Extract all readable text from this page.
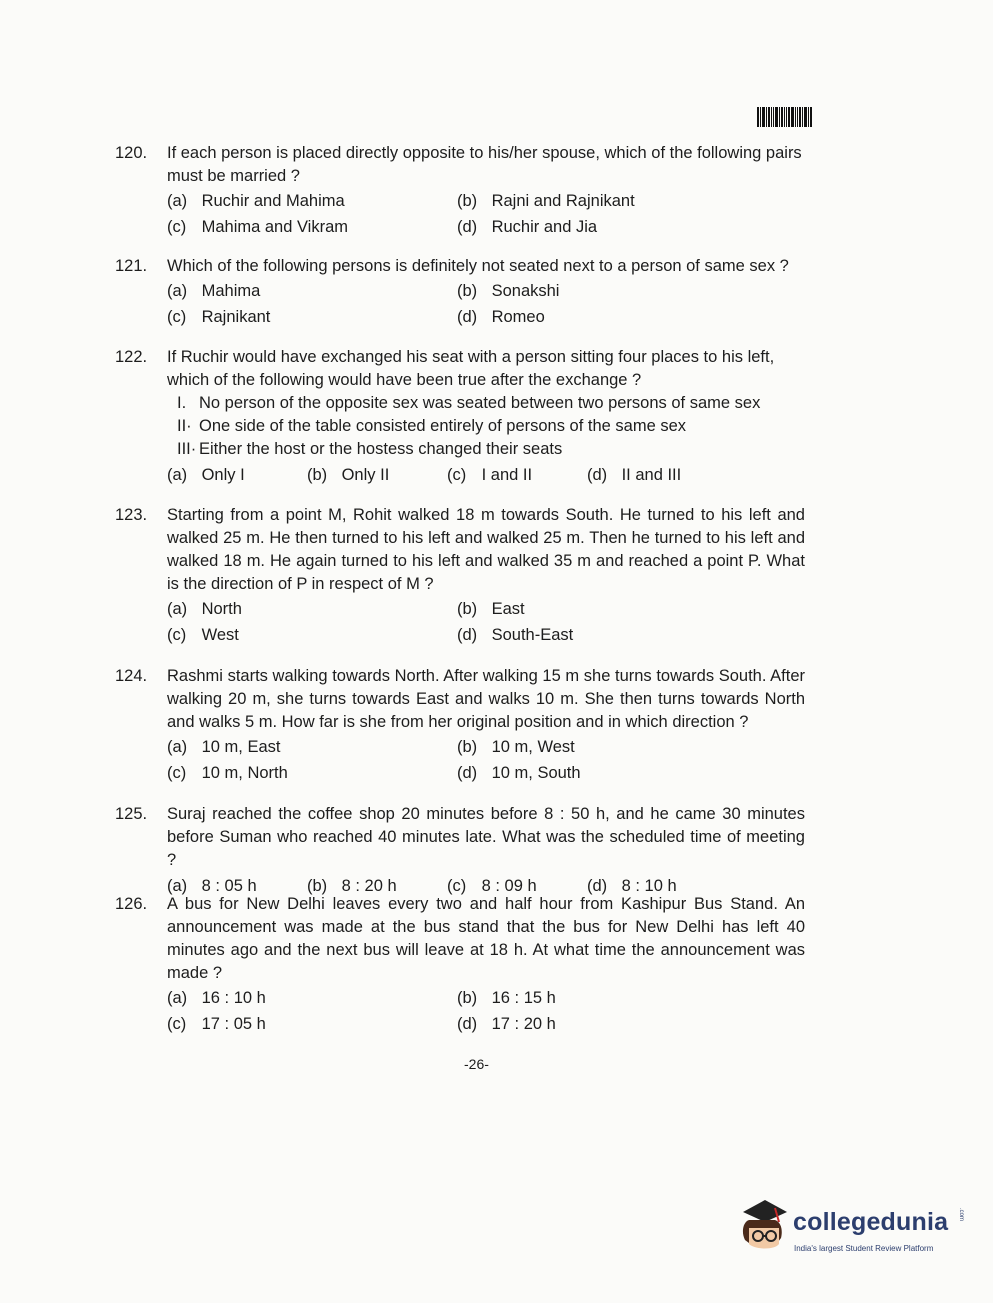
120. If each person is placed directly opposite to his/her spouse, which of the following pairs must be married ?
(a) Ruchir and Mahima	(b) Rajni and Rajnikant
(c) Mahima and Vikram	(d) Ruchir and Jia
121. Which of the following persons is definitely not seated next to a person of same sex ?
(a) Mahima	(b) Sonakshi
(c) Rajnikant	(d) Romeo
122. If Ruchir would have exchanged his seat with a person sitting four places to his left, which of the following would have been true after the exchange ?
I. No person of the opposite sex was seated between two persons of same sex
II· One side of the table consisted entirely of persons of the same sex
III· Either the host or the hostess changed their seats
(a) Only I	(b) Only II	(c) I and II	(d) II and III
123. Starting from a point M, Rohit walked 18 m towards South. He turned to his left and walked 25 m. He then turned to his left and walked 25 m. Then he turned to his left and walked 18 m. He again turned to his left and walked 35 m and reached a point P. What is the direction of P in respect of M ?
(a) North	(b) East
(c) West	(d) South-East
124. Rashmi starts walking towards North. After walking 15 m she turns towards South. After walking 20 m, she turns towards East and walks 10 m. She then turns towards North and walks 5 m. How far is she from her original position and in which direction ?
(a) 10 m, East	(b) 10 m, West
(c) 10 m, North	(d) 10 m, South
125. Suraj reached the coffee shop 20 minutes before 8 : 50 h, and he came 30 minutes before Suman who reached 40 minutes late. What was the scheduled time of meeting ?
(a) 8 : 05 h	(b) 8 : 20 h	(c) 8 : 09 h	(d) 8 : 10 h
126. A bus for New Delhi leaves every two and half hour from Kashipur Bus Stand. An announcement was made at the bus stand that the bus for New Delhi has left 40 minutes ago and the next bus will leave at 18 h. At what time the announcement was made ?
(a) 16 : 10 h	(b) 16 : 15 h
(c) 17 : 05 h	(d) 17 : 20 h
-26-
collegedunia .com
India's largest Student Review Platform
